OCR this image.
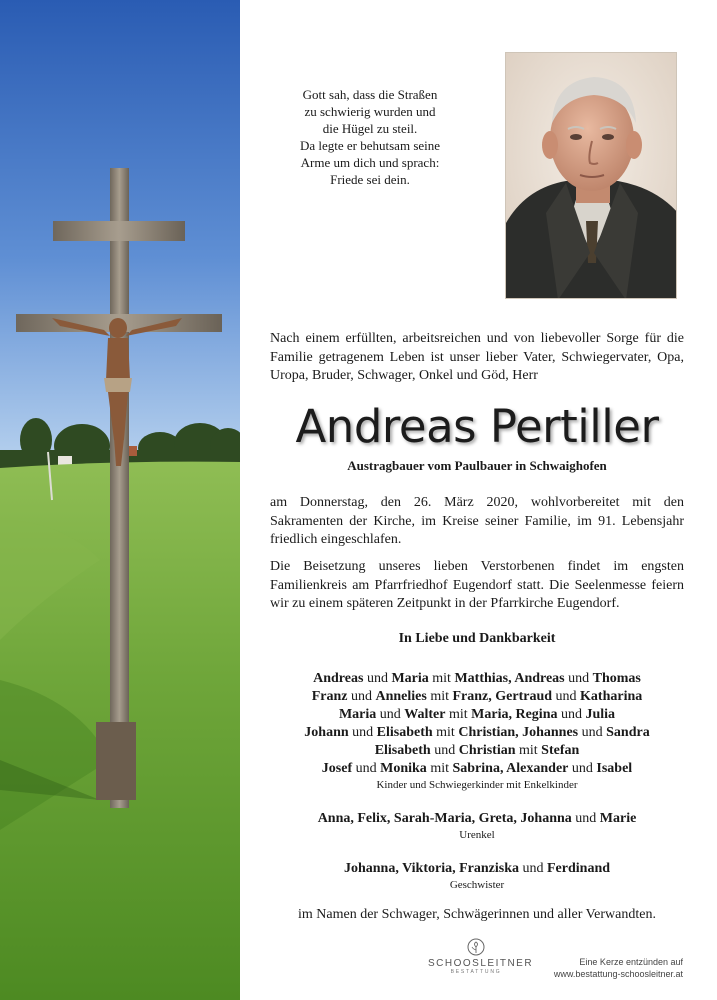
Gott sah, dass die Straßen
zu schwierig wurden und
die Hügel zu steil.
Da legte er behutsam seine
Arme um dich und sprach:
Friede sei dein.
Nach einem erfüllten, arbeitsreichen und von liebevoller Sorge für die Familie getragenem Leben ist unser lieber Vater, Schwiegervater, Opa, Uropa, Bruder, Schwager, Onkel und Göd, Herr
Andreas Pertiller
Austragbauer vom Paulbauer in Schwaighofen
am Donnerstag, den 26. März 2020, wohlvorbereitet mit den Sakramenten der Kirche, im Kreise seiner Familie, im 91. Lebensjahr friedlich eingeschlafen.
Die Beisetzung unseres lieben Verstorbenen findet im engsten Familienkreis am Pfarrfriedhof Eugendorf statt. Die Seelenmesse feiern wir zu einem späteren Zeitpunkt in der Pfarrkirche Eugendorf.
In Liebe und Dankbarkeit
Andreas und Maria mit Matthias, Andreas und Thomas
Franz und Annelies mit Franz, Gertraud und Katharina
Maria und Walter mit Maria, Regina und Julia
Johann und Elisabeth mit Christian, Johannes und Sandra
Elisabeth und Christian mit Stefan
Josef und Monika mit Sabrina, Alexander und Isabel
Kinder und Schwiegerkinder mit Enkelkinder
Anna, Felix, Sarah-Maria, Greta, Johanna und Marie
Urenkel
Johanna, Viktoria, Franziska und Ferdinand
Geschwister
im Namen der Schwager, Schwägerinnen und aller Verwandten.
SCHOOSLEITNER
BESTATTUNG
Eine Kerze entzünden auf
www.bestattung-schoosleitner.at
